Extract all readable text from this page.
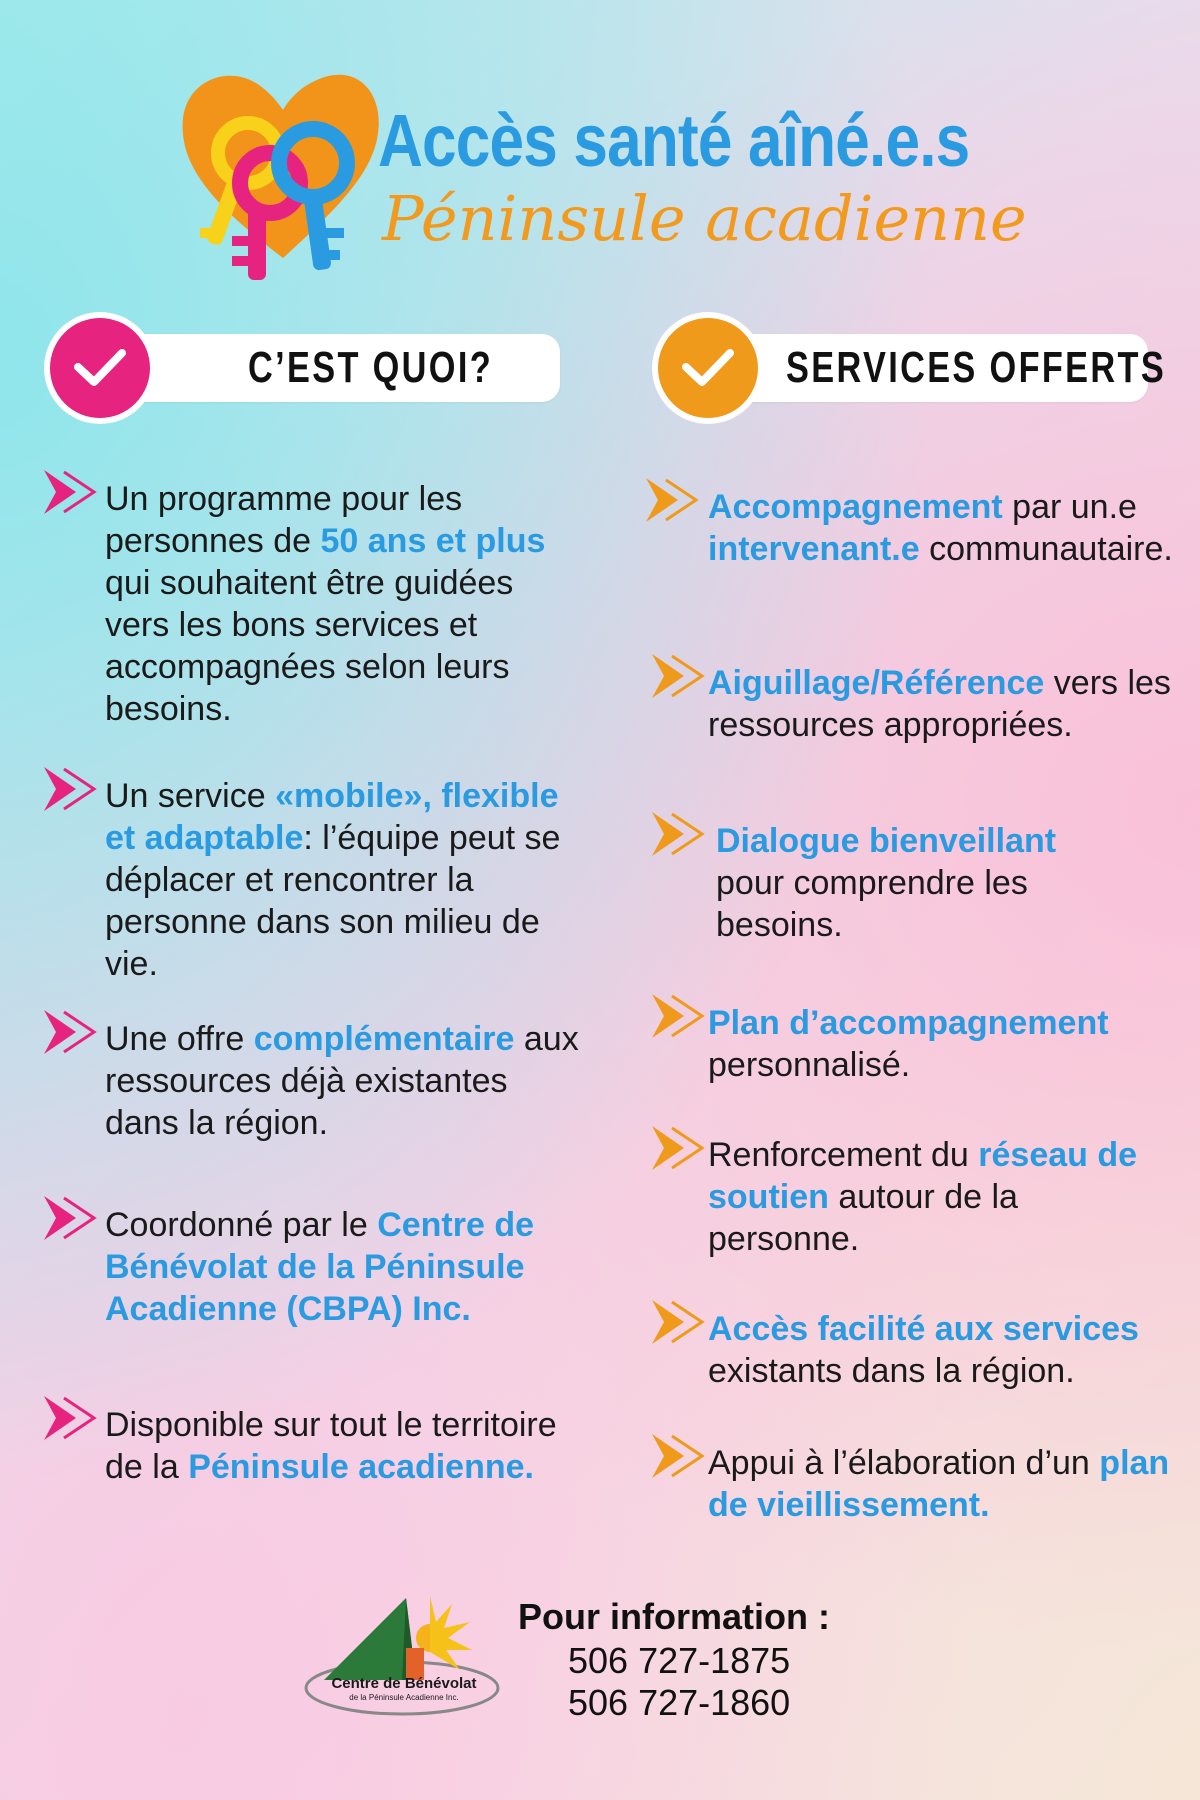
Accès santé aîné.e.s
Péninsule acadienne

C’EST QUOI?	SERVICES OFFERTS

Un programme pour les personnes de 50 ans et plus qui souhaitent être guidées vers les bons services et accompagnées selon leurs besoins.

Un service «mobile», flexible et adaptable: l’équipe peut se déplacer et rencontrer la personne dans son milieu de vie.

Une offre complémentaire aux ressources déjà existantes dans la région.

Coordonné par le Centre de Bénévolat de la Péninsule Acadienne (CBPA) Inc.

Disponible sur tout le territoire de la Péninsule acadienne.

Accompagnement par un.e intervenant.e communautaire.

Aiguillage/Référence vers les ressources appropriées.

Dialogue bienveillant pour comprendre les besoins.

Plan d’accompagnement personnalisé.

Renforcement du réseau de soutien autour de la personne.

Accès facilité aux services existants dans la région.

Appui à l’élaboration d’un plan de vieillissement.

Centre de Bénévolat
de la Péninsule Acadienne Inc.

Pour information :

506 727-1875

506 727-1860
